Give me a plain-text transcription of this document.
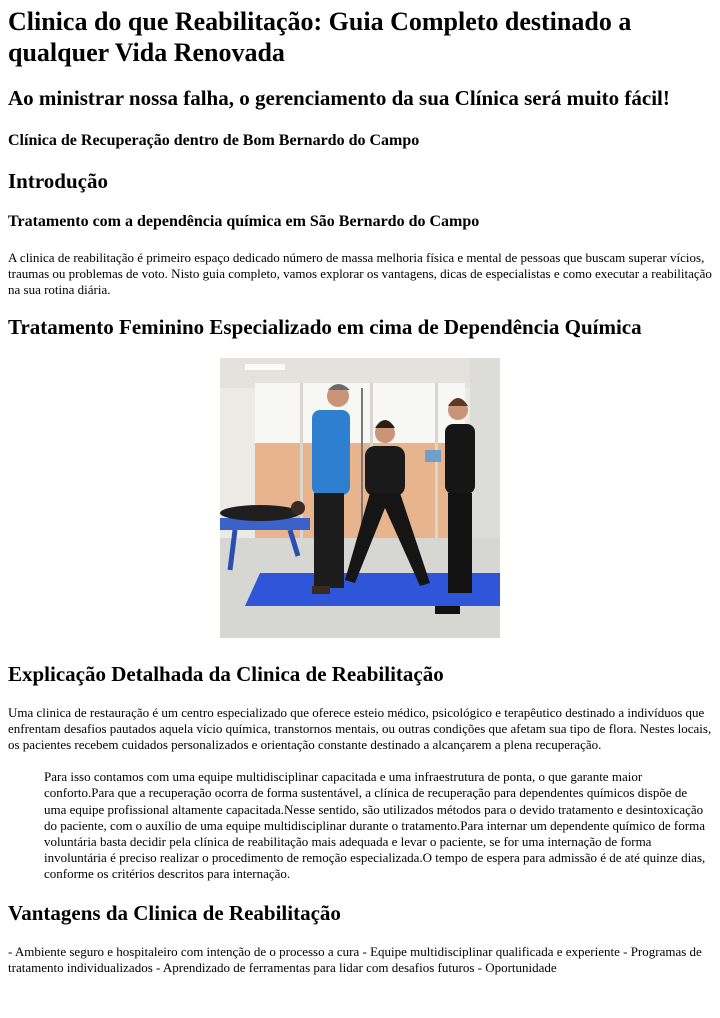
Clinica do que Reabilitação: Guia Completo destinado a qualquer Vida Renovada
Ao ministrar nossa falha, o gerenciamento da sua Clínica será muito fácil!
Clínica de Recuperação dentro de Bom Bernardo do Campo
Introdução
Tratamento com a dependência química em São Bernardo do Campo

A clinica de reabilitação é primeiro espaço dedicado número de massa melhoria física e mental de pessoas que buscam superar vícios, traumas ou problemas de voto. Nisto guia completo, vamos explorar os vantagens, dicas de especialistas e como executar a reabilitação na sua rotina diária.

Tratamento Feminino Especializado em cima de Dependência Química
Explicação Detalhada da Clinica de Reabilitação

Uma clinica de restauração é um centro especializado que oferece esteio médico, psicológico e terapêutico destinado a indivíduos que enfrentam desafios pautados aquela vício química, transtornos mentais, ou outras condições que afetam sua tipo de flora. Nestes locais, os pacientes recebem cuidados personalizados e orientação constante destinado a alcançarem a plena recuperação.

Para isso contamos com uma equipe multidisciplinar capacitada e uma infraestrutura de ponta, o que garante maior conforto.Para que a recuperação ocorra de forma sustentável, a clínica de recuperação para dependentes químicos dispõe de uma equipe profissional altamente capacitada.Nesse sentido, são utilizados métodos para o devido tratamento e desintoxicação do paciente, com o auxílio de uma equipe multidisciplinar durante o tratamento.Para internar um dependente químico de forma voluntária basta decidir pela clínica de reabilitação mais adequada e levar o paciente, se for uma internação de forma involuntária é preciso realizar o procedimento de remoção especializada.O tempo de espera para admissão é de até quinze dias, conforme os critérios descritos para internação.
Vantagens da Clinica de Reabilitação

- Ambiente seguro e hospitaleiro com intenção de o processo a cura - Equipe multidisciplinar qualificada e experiente - Programas de tratamento individualizados - Aprendizado de ferramentas para lidar com desafios futuros - Oportunidade
